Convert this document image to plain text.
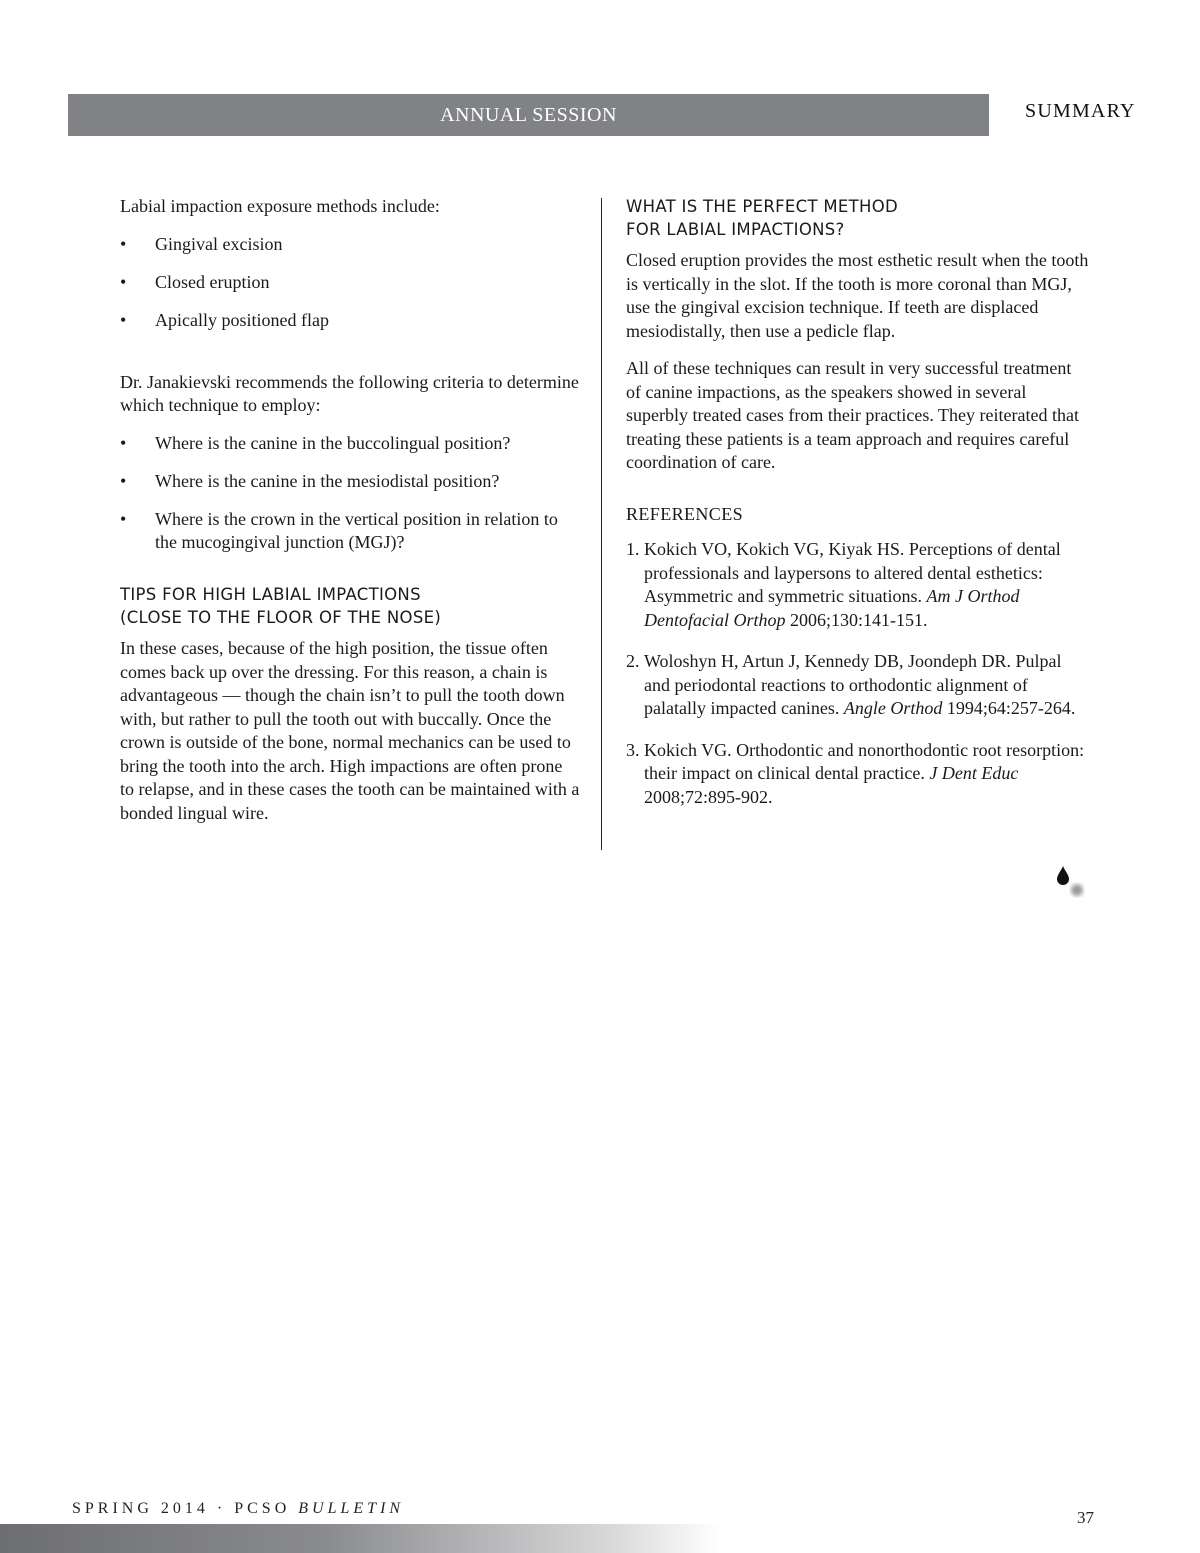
ANNUAL SESSION	SUMMARY

Labial impaction exposure methods include:

• Gingival excision
• Closed eruption
• Apically positioned flap

Dr. Janakievski recommends the following criteria to determine which technique to employ:

• Where is the canine in the buccolingual position?
• Where is the canine in the mesiodistal position?
• Where is the crown in the vertical position in relation to the mucogingival junction (MGJ)?
TIPS FOR HIGH LABIAL IMPACTIONS
(CLOSE TO THE FLOOR OF THE NOSE)

In these cases, because of the high position, the tissue often comes back up over the dressing. For this reason, a chain is advantageous — though the chain isn’t to pull the tooth down with, but rather to pull the tooth out with buccally. Once the crown is outside of the bone, normal mechanics can be used to bring the tooth into the arch. High impactions are often prone to relapse, and in these cases the tooth can be maintained with a bonded lingual wire.

WHAT IS THE PERFECT METHOD
FOR LABIAL IMPACTIONS?

Closed eruption provides the most esthetic result when the tooth is vertically in the slot. If the tooth is more coronal than MGJ, use the gingival excision technique. If teeth are displaced mesiodistally, then use a pedicle flap.

All of these techniques can result in very successful treatment of canine impactions, as the speakers showed in several superbly treated cases from their practices. They reiterated that treating these patients is a team approach and requires careful coordination of care.

REFERENCES
1. Kokich VO, Kokich VG, Kiyak HS. Perceptions of dental professionals and laypersons to altered dental esthetics: Asymmetric and symmetric situations. Am J Orthod Dentofacial Orthop 2006;130:141-151.
2. Woloshyn H, Artun J, Kennedy DB, Joondeph DR. Pulpal and periodontal reactions to orthodontic alignment of palatally impacted canines. Angle Orthod 1994;64:257-264.
3. Kokich VG. Orthodontic and nonorthodontic root resorption: their impact on clinical dental practice. J Dent Educ 2008;72:895-902.
SPRING 2014 · PCSO BULLETIN	37
